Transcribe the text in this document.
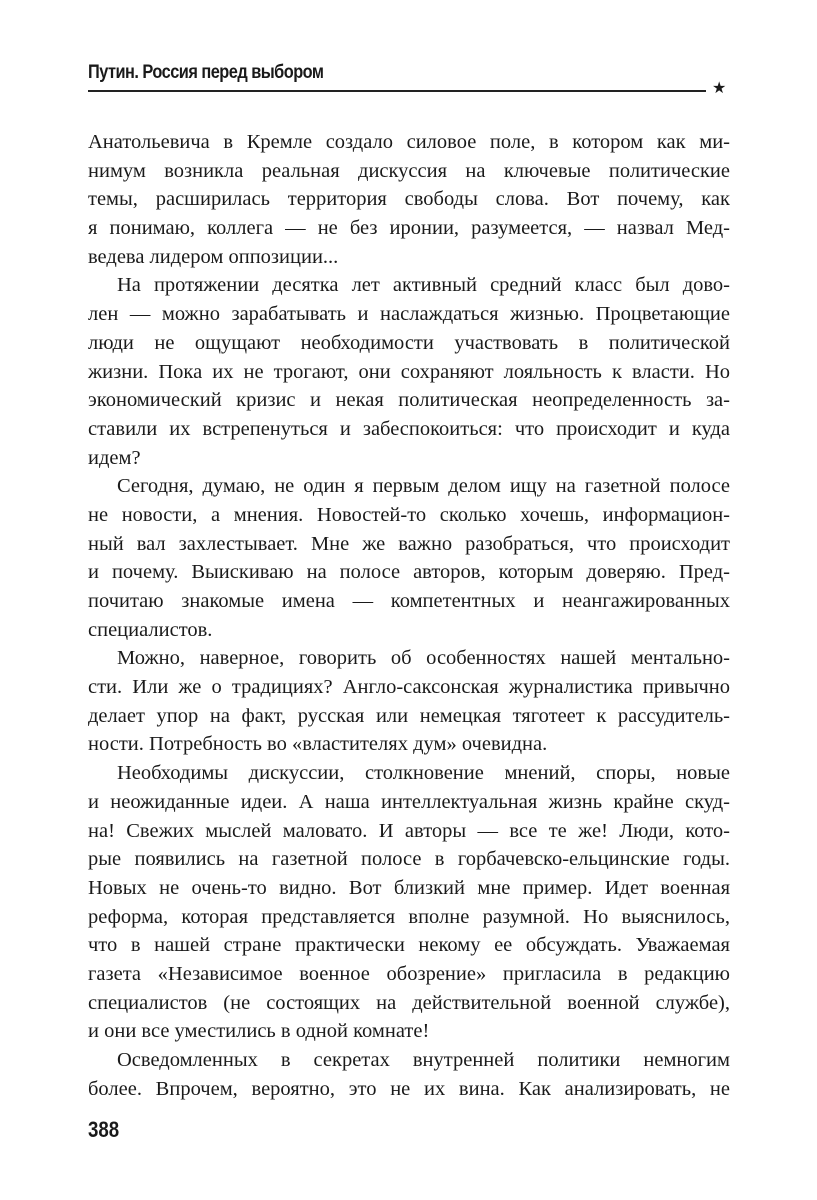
Путин. Россия перед выбором
★
Анатольевича в Кремле создало силовое поле, в котором как ми-
нимум возникла реальная дискуссия на ключевые политические
темы, расширилась территория свободы слова. Вот почему, как
я понимаю, коллега — не без иронии, разумеется, — назвал Мед-
ведева лидером оппозиции...
На протяжении десятка лет активный средний класс был дово-
лен — можно зарабатывать и наслаждаться жизнью. Процветающие
люди не ощущают необходимости участвовать в политической
жизни. Пока их не трогают, они сохраняют лояльность к власти. Но
экономический кризис и некая политическая неопределенность за-
ставили их встрепенуться и забеспокоиться: что происходит и куда
идем?
Сегодня, думаю, не один я первым делом ищу на газетной полосе
не новости, а мнения. Новостей-то сколько хочешь, информацион-
ный вал захлестывает. Мне же важно разобраться, что происходит
и почему. Выискиваю на полосе авторов, которым доверяю. Пред-
почитаю знакомые имена — компетентных и неангажированных
специалистов.
Можно, наверное, говорить об особенностях нашей ментально-
сти. Или же о традициях? Англо-саксонская журналистика привычно
делает упор на факт, русская или немецкая тяготеет к рассудитель-
ности. Потребность во «властителях дум» очевидна.
Необходимы дискуссии, столкновение мнений, споры, новые
и неожиданные идеи. А наша интеллектуальная жизнь крайне скуд-
на! Свежих мыслей маловато. И авторы — все те же! Люди, кото-
рые появились на газетной полосе в горбачевско-ельцинские годы.
Новых не очень-то видно. Вот близкий мне пример. Идет военная
реформа, которая представляется вполне разумной. Но выяснилось,
что в нашей стране практически некому ее обсуждать. Уважаемая
газета «Независимое военное обозрение» пригласила в редакцию
специалистов (не состоящих на действительной военной службе),
и они все уместились в одной комнате!
Осведомленных в секретах внутренней политики немногим
более. Впрочем, вероятно, это не их вина. Как анализировать, не
388
